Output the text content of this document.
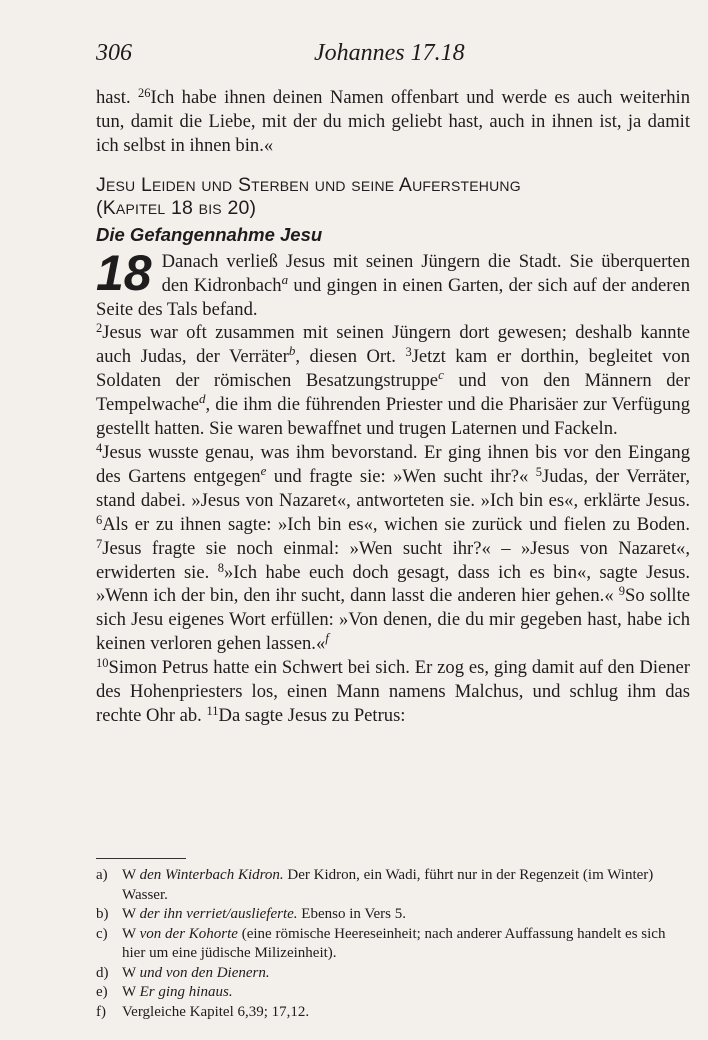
306	Johannes 17.18

hast. $^{26}$Ich habe ihnen deinen Namen offenbart und werde es auch weiterhin tun, damit die Liebe, mit der du mich geliebt hast, auch in ihnen ist, ja damit ich selbst in ihnen bin.«

Jesu Leiden und Sterben und seine Auferstehung
(Kapitel 18 bis 20)
Die Gefangennahme Jesu

18 Danach verließ Jesus mit seinen Jüngern die Stadt. Sie überquerten den Kidronbach$^a$ und gingen in einen Garten, der sich auf der anderen Seite des Tals befand.

$^2$Jesus war oft zusammen mit seinen Jüngern dort gewesen; deshalb kannte auch Judas, der Verräter$^b$, diesen Ort. $^3$Jetzt kam er dorthin, begleitet von Soldaten der römischen Besatzungstruppe$^c$ und von den Männern der Tempelwache$^d$, die ihm die führenden Priester und die Pharisäer zur Verfügung gestellt hatten. Sie waren bewaffnet und trugen Laternen und Fackeln.

$^4$Jesus wusste genau, was ihm bevorstand. Er ging ihnen bis vor den Eingang des Gartens entgegen$^e$ und fragte sie: »Wen sucht ihr?« $^5$Judas, der Verräter, stand dabei. »Jesus von Nazaret«, antworteten sie. »Ich bin es«, erklärte Jesus. $^6$Als er zu ihnen sagte: »Ich bin es«, wichen sie zurück und fielen zu Boden. $^7$Jesus fragte sie noch einmal: »Wen sucht ihr?« – »Jesus von Nazaret«, erwiderten sie. $^8$»Ich habe euch doch gesagt, dass ich es bin«, sagte Jesus. »Wenn ich der bin, den ihr sucht, dann lasst die anderen hier gehen.« $^9$So sollte sich Jesu eigenes Wort erfüllen: »Von denen, die du mir gegeben hast, habe ich keinen verloren gehen lassen.«$^f$

$^{10}$Simon Petrus hatte ein Schwert bei sich. Er zog es, ging damit auf den Diener des Hohenpriesters los, einen Mann namens Malchus, und schlug ihm das rechte Ohr ab. $^{11}$Da sagte Jesus zu Petrus:

a) W den Winterbach Kidron. Der Kidron, ein Wadi, führt nur in der Regenzeit (im Winter) Wasser.
b) W der ihn verriet/auslieferte. Ebenso in Vers 5.
c) W von der Kohorte (eine römische Heereseinheit; nach anderer Auffassung handelt es sich hier um eine jüdische Milizeinheit).
d) W und von den Dienern.
e) W Er ging hinaus.
f) Vergleiche Kapitel 6,39; 17,12.
